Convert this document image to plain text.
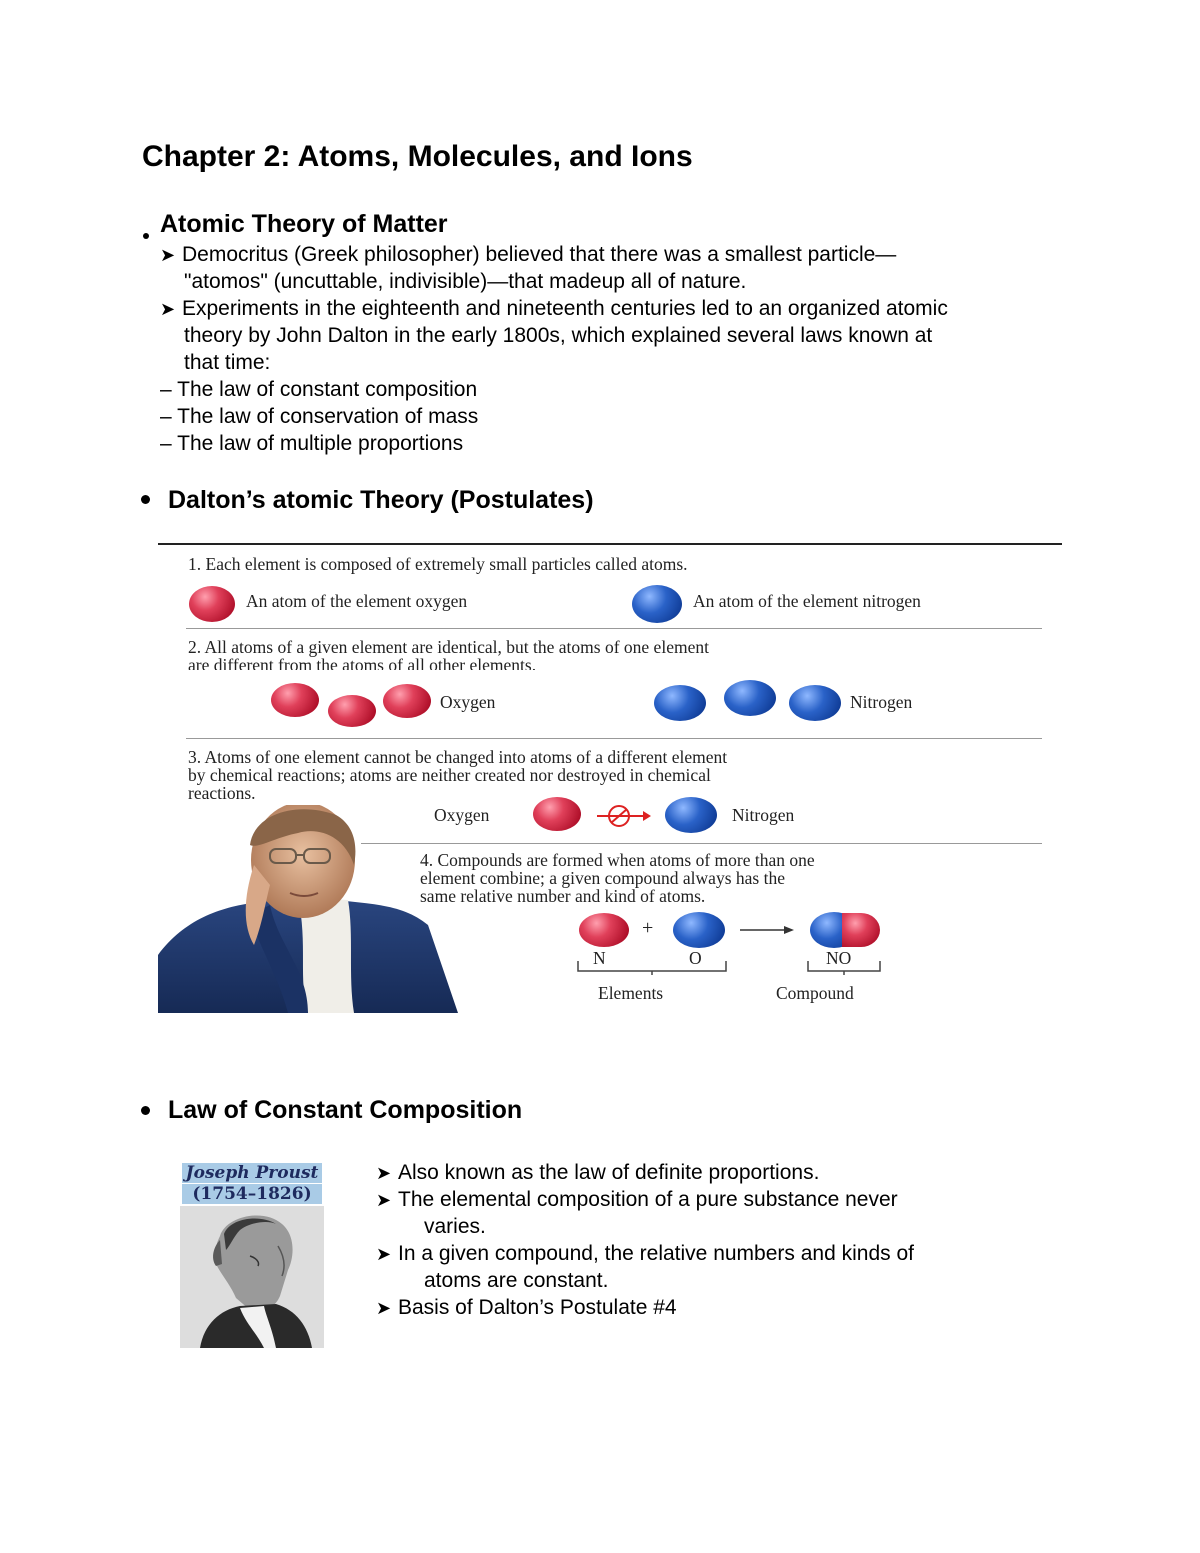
Chapter 2: Atoms, Molecules, and Ions
Atomic Theory of Matter
➤ Democritus (Greek philosopher) believed that there was a smallest particle—
"atomos" (uncuttable, indivisible)—that madeup all of nature.
➤ Experiments in the eighteenth and nineteenth centuries led to an organized atomic
theory by John Dalton in the early 1800s, which explained several laws known at
that time:
– The law of constant composition
– The law of conservation of mass
– The law of multiple proportions
Dalton’s atomic Theory (Postulates)
1. Each element is composed of extremely small particles called atoms.
An atom of the element oxygen	An atom of the element nitrogen
2. All atoms of a given element are identical, but the atoms of one element
are different from the atoms of all other elements.
Oxygen	Nitrogen
3. Atoms of one element cannot be changed into atoms of a different element
by chemical reactions; atoms are neither created nor destroyed in chemical
reactions.
Oxygen	Nitrogen
4. Compounds are formed when atoms of more than one
element combine; a given compound always has the
same relative number and kind of atoms.
+
N	O	NO
Elements	Compound
Law of Constant Composition
Joseph Proust
(1754–1826)
➤ Also known as the law of definite proportions.
➤ The elemental composition of a pure substance never
varies.
➤ In a given compound, the relative numbers and kinds of
atoms are constant.
➤ Basis of Dalton’s Postulate #4
